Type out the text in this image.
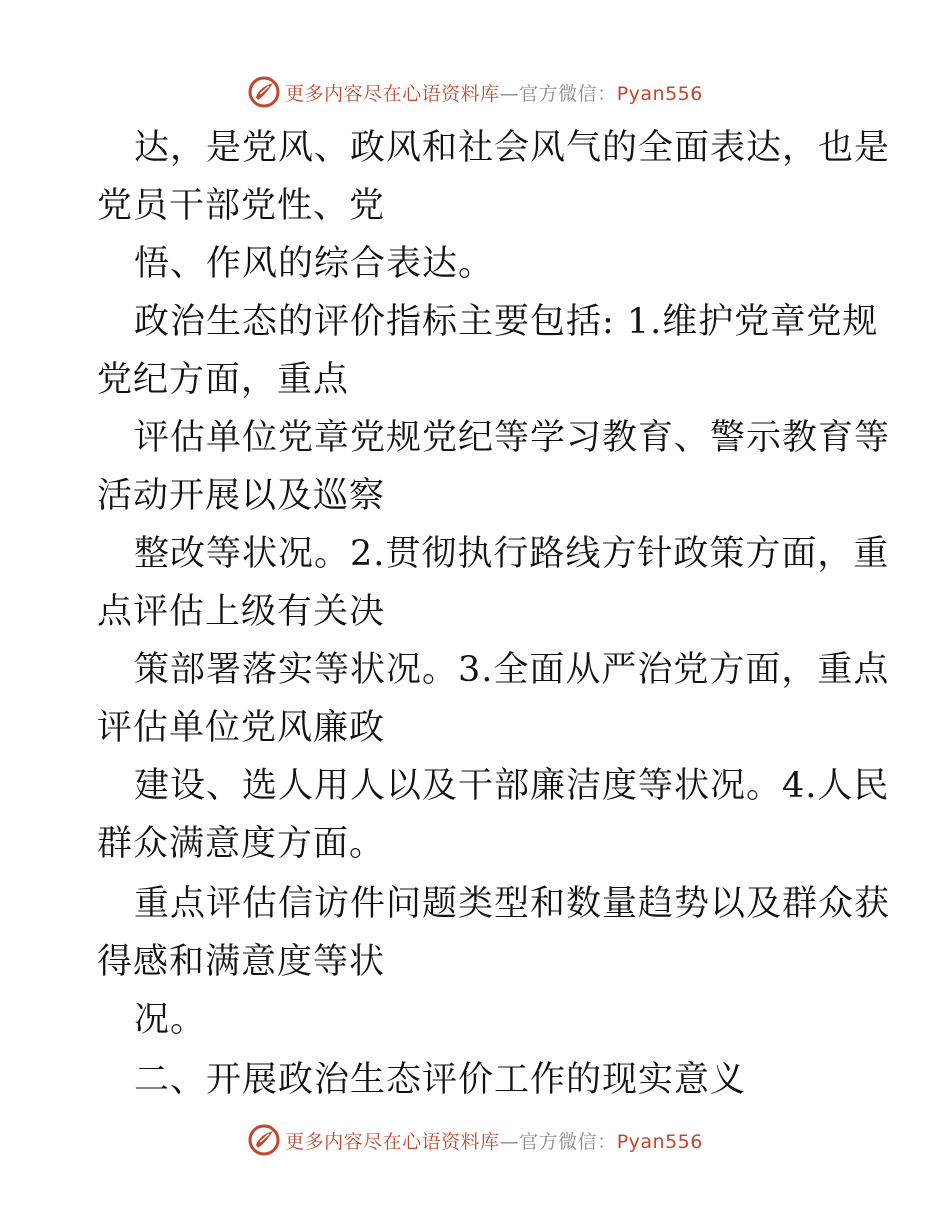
更多内容尽在心语资料库—官方微信：Pyan556
达，是党风、政风和社会风气的全面表达，也是
党员干部党性、党
悟、作风的综合表达。
政治生态的评价指标主要包括: 1.维护党章党规
党纪方面，重点
评估单位党章党规党纪等学习教育、警示教育等
活动开展以及巡察
整改等状况。2.贯彻执行路线方针政策方面，重
点评估上级有关决
策部署落实等状况。3.全面从严治党方面，重点
评估单位党风廉政
建设、选人用人以及干部廉洁度等状况。4.人民
群众满意度方面。
重点评估信访件问题类型和数量趋势以及群众获
得感和满意度等状
况。
二、开展政治生态评价工作的现实意义
更多内容尽在心语资料库—官方微信：Pyan556
